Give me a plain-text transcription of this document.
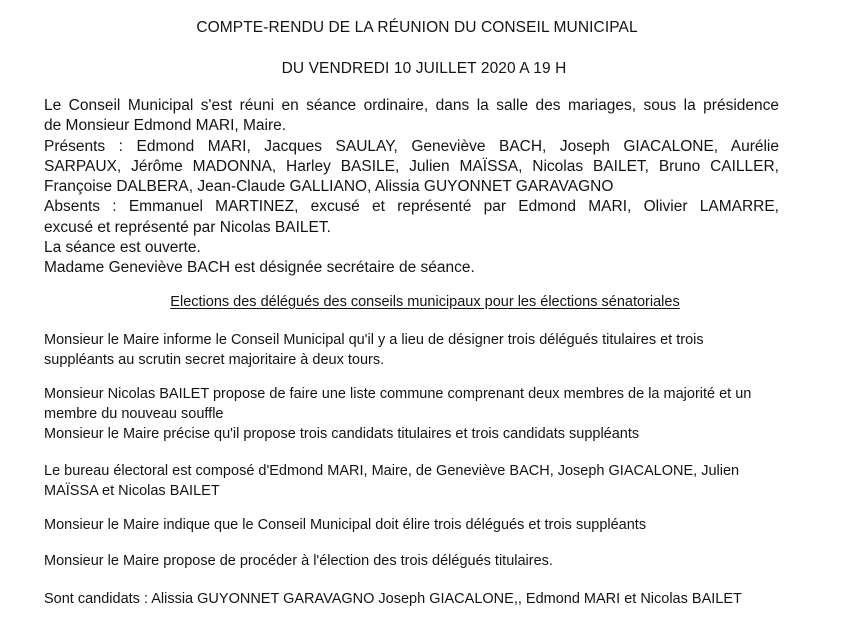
COMPTE-RENDU DE LA RÉUNION DU CONSEIL MUNICIPAL
DU VENDREDI 10 JUILLET 2020 A 19 H

Le Conseil Municipal s'est réuni en séance ordinaire, dans la salle des mariages, sous la présidence

de Monsieur Edmond MARI, Maire.

Présents : Edmond MARI, Jacques SAULAY, Geneviève BACH, Joseph GIACALONE, Aurélie

SARPAUX, Jérôme MADONNA, Harley BASILE, Julien MAÏSSA, Nicolas BAILET, Bruno CAILLER,

Françoise DALBERA, Jean-Claude GALLIANO, Alissia GUYONNET GARAVAGNO

Absents : Emmanuel MARTINEZ, excusé et représenté par Edmond MARI, Olivier LAMARRE,

excusé et représenté par Nicolas BAILET.

La séance est ouverte.

Madame Geneviève BACH est désignée secrétaire de séance.

Elections des délégués des conseils municipaux pour les élections sénatoriales
Monsieur le Maire informe le Conseil Municipal qu'il y a lieu de désigner trois délégués titulaires et trois
suppléants au scrutin secret majoritaire à deux tours.
Monsieur Nicolas BAILET propose de faire une liste commune comprenant deux membres de la majorité et un
membre du nouveau souffle
Monsieur le Maire précise qu'il propose trois candidats titulaires et trois candidats suppléants
Le bureau électoral est composé d'Edmond MARI, Maire, de Geneviève BACH, Joseph GIACALONE, Julien
MAÏSSA et Nicolas BAILET
Monsieur le Maire indique que le Conseil Municipal doit élire trois délégués et trois suppléants
Monsieur le Maire propose de procéder à l'élection des trois délégués titulaires.
Sont candidats : Alissia GUYONNET GARAVAGNO Joseph GIACALONE,, Edmond MARI et Nicolas BAILET
